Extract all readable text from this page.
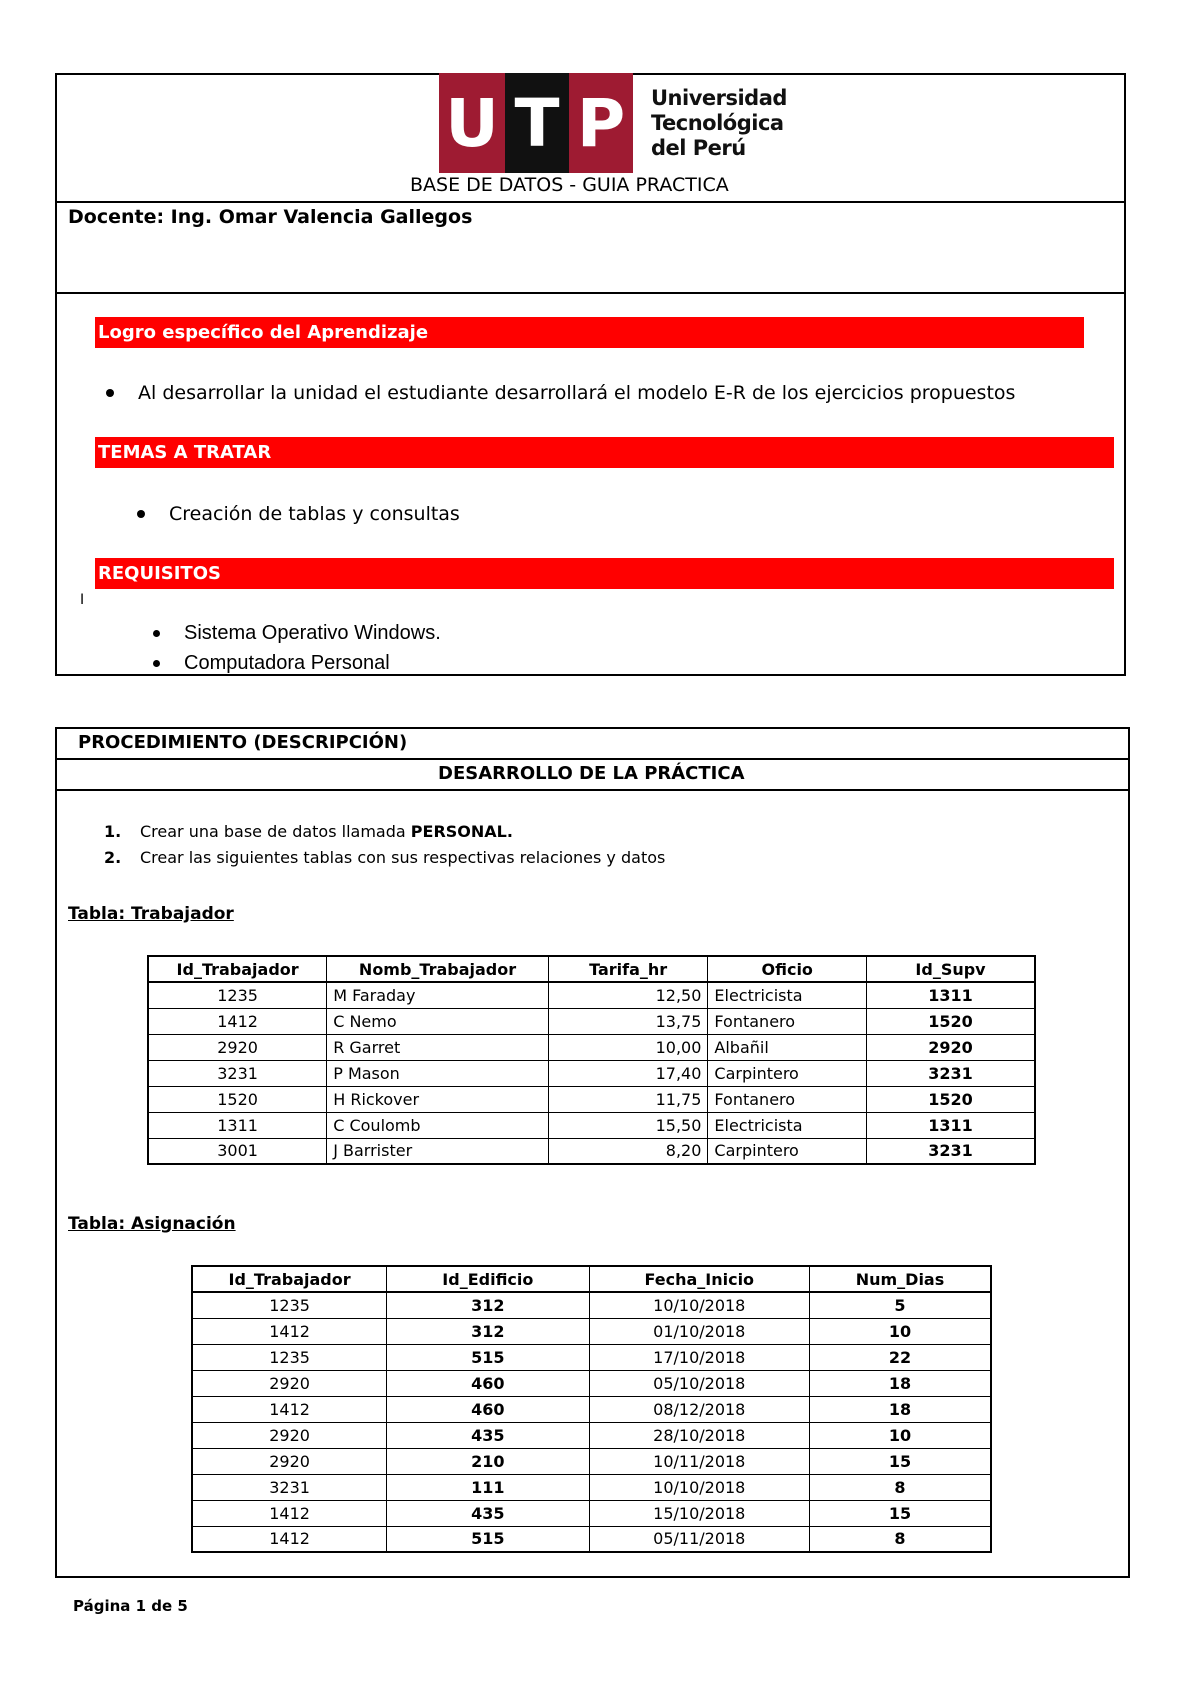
U T P	Universidad
Tecnológica
del Perú
BASE DE DATOS - GUIA PRACTICA
Docente: Ing. Omar Valencia Gallegos
Logro específico del Aprendizaje
Al desarrollar la unidad el estudiante desarrollará el modelo E-R de los ejercicios propuestos
TEMAS A TRATAR
Creación de tablas y consultas
REQUISITOS
I
Sistema Operativo Windows.
Computadora Personal
PROCEDIMIENTO (DESCRIPCIÓN)
DESARROLLO DE LA PRÁCTICA
1. Crear una base de datos llamada PERSONAL.
2. Crear las siguientes tablas con sus respectivas relaciones y datos
Tabla: Trabajador
Id_Trabajador	Nomb_Trabajador	Tarifa_hr	Oficio	Id_Supv
1235	M Faraday	12,50	Electricista	1311
1412	C Nemo	13,75	Fontanero	1520
2920	R Garret	10,00	Albañil	2920
3231	P Mason	17,40	Carpintero	3231
1520	H Rickover	11,75	Fontanero	1520
1311	C Coulomb	15,50	Electricista	1311
3001	J Barrister	8,20	Carpintero	3231
Tabla: Asignación
Id_Trabajador	Id_Edificio	Fecha_Inicio	Num_Dias
1235	312	10/10/2018	5
1412	312	01/10/2018	10
1235	515	17/10/2018	22
2920	460	05/10/2018	18
1412	460	08/12/2018	18
2920	435	28/10/2018	10
2920	210	10/11/2018	15
3231	111	10/10/2018	8
1412	435	15/10/2018	15
1412	515	05/11/2018	8
Página 1 de 5
